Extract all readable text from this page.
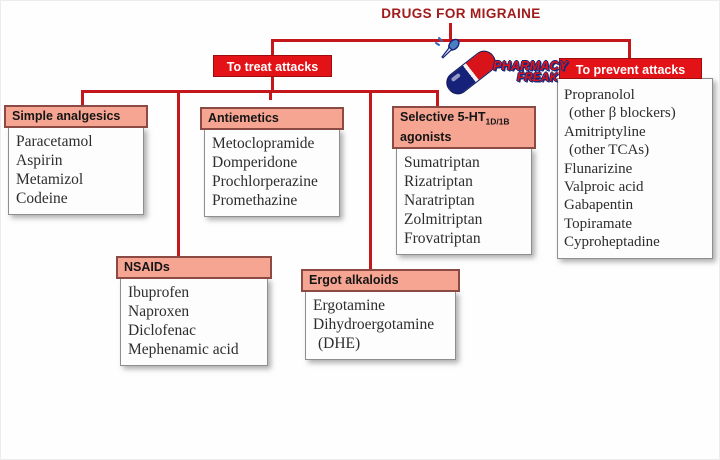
DRUGS FOR MIGRAINE
To treat attacks	To prevent attacks
PHARMACY
FREAK
Simple analgesics
Paracetamol
Aspirin
Metamizol
Codeine
Antiemetics
Metoclopramide
Domperidone
Prochlorperazine
Promethazine
Selective $5-HT_{1D/1B}$
agonists
Sumatriptan
Rizatriptan
Naratriptan
Zolmitriptan
Frovatriptan
NSAIDs
Ibuprofen
Naproxen
Diclofenac
Mephenamic acid
Ergot alkaloids
Ergotamine
Dihydroergotamine
(DHE)
Propranolol
(other β blockers)
Amitriptyline
(other TCAs)
Flunarizine
Valproic acid
Gabapentin
Topiramate
Cyproheptadine
